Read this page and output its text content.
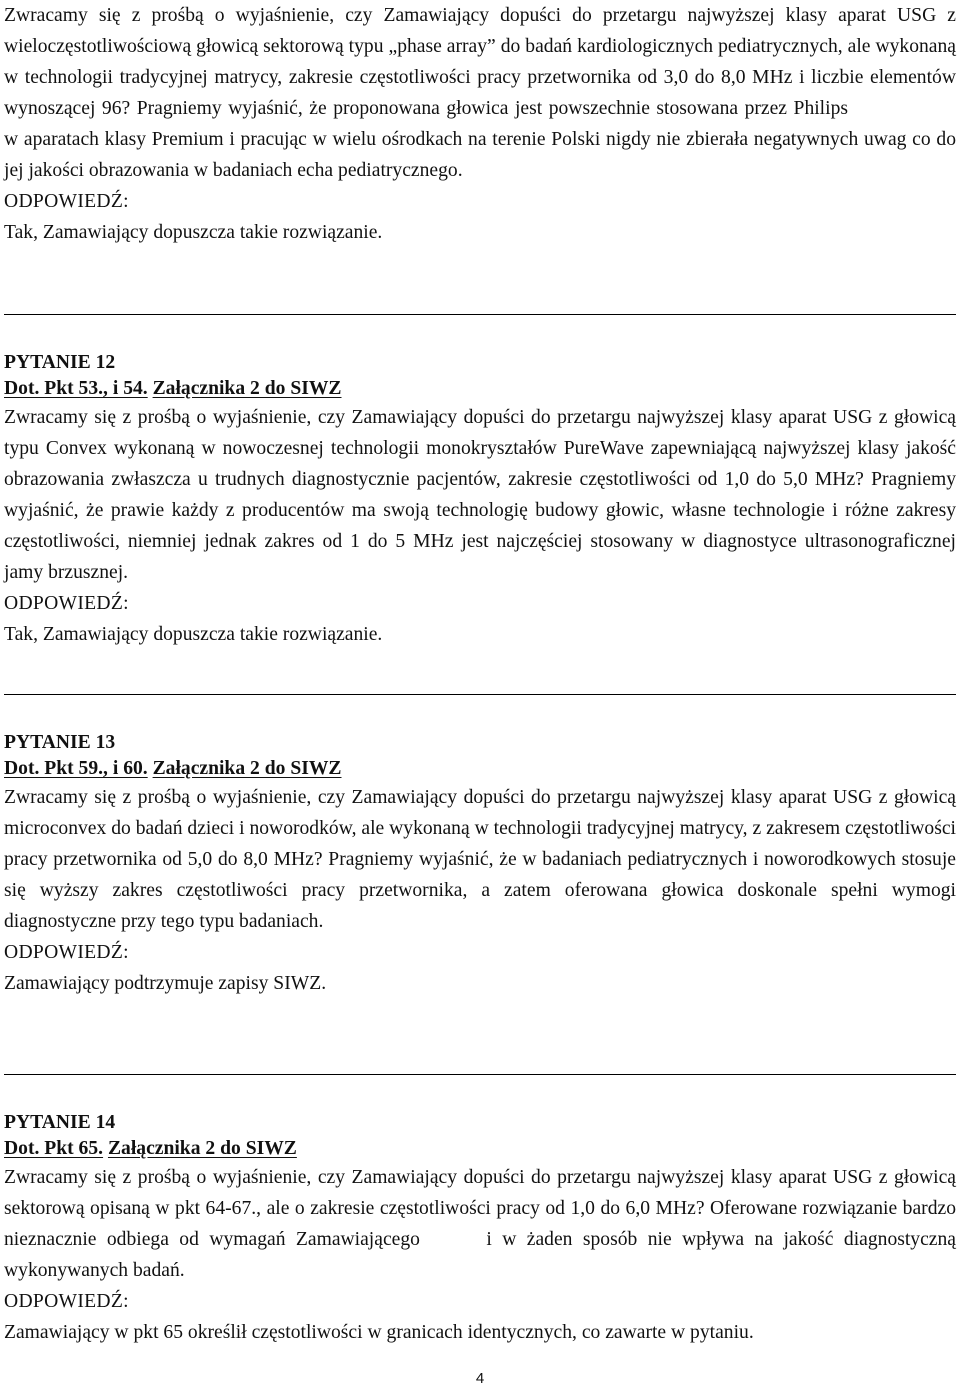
Zwracamy się z prośbą o wyjaśnienie, czy Zamawiający dopuści do przetargu najwyższej klasy aparat USG z wieloczęstotliwościową głowicą sektorową typu „phase array” do badań kardiologicznych pediatrycznych, ale wykonaną w technologii tradycyjnej matrycy, zakresie częstotliwości pracy przetwornika od 3,0 do 8,0 MHz i liczbie elementów wynoszącej 96? Pragniemy wyjaśnić, że proponowana głowica jest powszechnie stosowana przez Philips w aparatach klasy Premium i pracując w wielu ośrodkach na terenie Polski nigdy nie zbierała negatywnych uwag co do jej jakości obrazowania w badaniach echa pediatrycznego.

ODPOWIEDŹ:

Tak, Zamawiający dopuszcza takie rozwiązanie.

PYTANIE 12

Dot. Pkt 53., i 54. Załącznika 2 do SIWZ

Zwracamy się z prośbą o wyjaśnienie, czy Zamawiający dopuści do przetargu najwyższej klasy aparat USG z głowicą typu Convex wykonaną w nowoczesnej technologii monokryształów PureWave zapewniającą najwyższej klasy jakość obrazowania zwłaszcza u trudnych diagnostycznie pacjentów, zakresie częstotliwości od 1,0 do 5,0 MHz? Pragniemy wyjaśnić, że prawie każdy z producentów ma swoją technologię budowy głowic, własne technologie i różne zakresy częstotliwości, niemniej jednak zakres od 1 do 5 MHz jest najczęściej stosowany w diagnostyce ultrasonograficznej jamy brzusznej.

ODPOWIEDŹ:

Tak, Zamawiający dopuszcza takie rozwiązanie.

PYTANIE 13

Dot. Pkt 59., i 60. Załącznika 2 do SIWZ

Zwracamy się z prośbą o wyjaśnienie, czy Zamawiający dopuści do przetargu najwyższej klasy aparat USG z głowicą microconvex do badań dzieci i noworodków, ale wykonaną w technologii tradycyjnej matrycy, z zakresem częstotliwości pracy przetwornika od 5,0 do 8,0 MHz? Pragniemy wyjaśnić, że w badaniach pediatrycznych i noworodkowych stosuje się wyższy zakres częstotliwości pracy przetwornika, a zatem oferowana głowica doskonale spełni wymogi diagnostyczne przy tego typu badaniach.

ODPOWIEDŹ:

Zamawiający podtrzymuje zapisy SIWZ.

PYTANIE 14

Dot. Pkt 65. Załącznika 2 do SIWZ

Zwracamy się z prośbą o wyjaśnienie, czy Zamawiający dopuści do przetargu najwyższej klasy aparat USG z głowicą sektorową opisaną w pkt 64-67., ale o zakresie częstotliwości pracy od 1,0 do 6,0 MHz? Oferowane rozwiązanie bardzo nieznacznie odbiega od wymagań Zamawiającego	i w żaden sposób nie wpływa na jakość diagnostyczną wykonywanych badań.

ODPOWIEDŹ:

Zamawiający w pkt 65 określił częstotliwości w granicach identycznych, co zawarte w pytaniu.

4
